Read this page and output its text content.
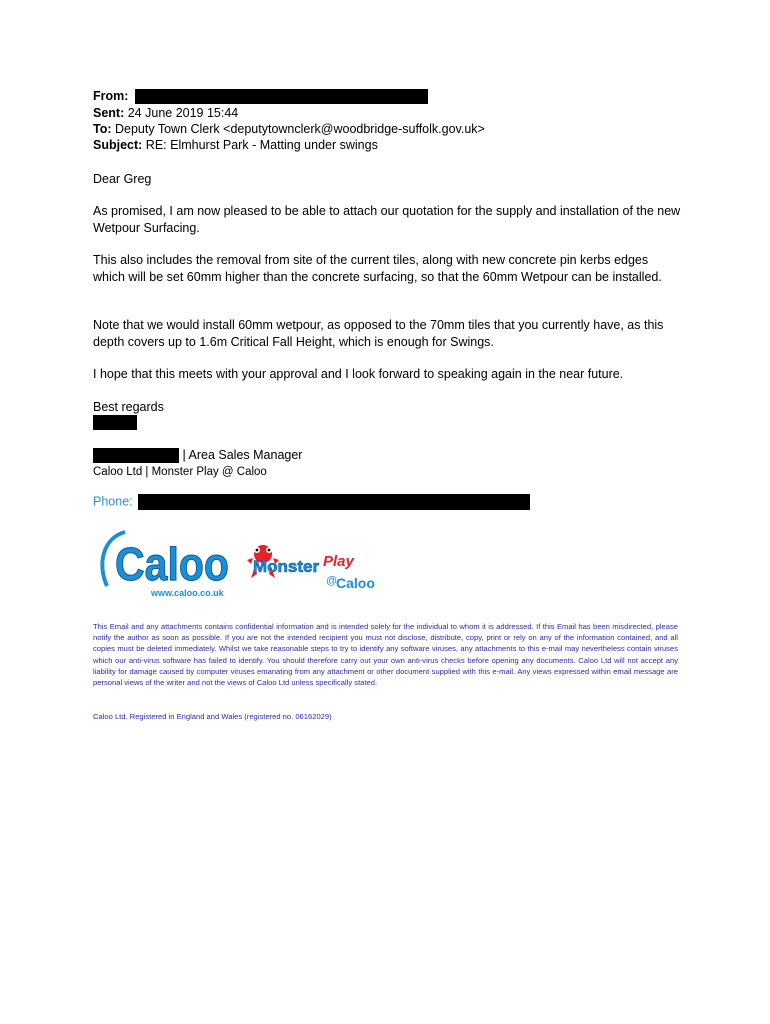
From:
Sent: 24 June 2019 15:44
To: Deputy Town Clerk <deputytownclerk@woodbridge-suffolk.gov.uk>
Subject: RE: Elmhurst Park - Matting under swings
Dear Greg
As promised, I am now pleased to be able to attach our quotation for the supply and installation of the new Wetpour Surfacing.
This also includes the removal from site of the current tiles, along with new concrete pin kerbs edges which will be set 60mm higher than the concrete surfacing, so that the 60mm Wetpour can be installed.
Note that we would install 60mm wetpour, as opposed to the 70mm tiles that you currently have, as this depth covers up to 1.6m Critical Fall Height, which is enough for Swings.
I hope that this meets with your approval and I look forward to speaking again in the near future.
Best regards
| Area Sales Manager
Caloo Ltd | Monster Play @ Caloo
Phone:
Caloo
www.caloo.co.uk
Monster Play
@
Caloo
This Email and any attachments contains confidential information and is intended solely for the individual to whom it is addressed. If this Email has been misdirected, please notify the author as soon as possible. If you are not the intended recipient you must not disclose, distribute, copy, print or rely on any of the information contained, and all copies must be deleted immediately. Whilst we take reasonable steps to try to identify any software viruses, any attachments to this e-mail may nevertheless contain viruses which our anti-virus software has failed to identify. You should therefore carry out your own anti-virus checks before opening any documents. Caloo Ltd will not accept any liability for damage caused by computer viruses emanating from any attachment or other document supplied with this e-mail. Any views expressed within email message are personal views of the writer and not the views of Caloo Ltd unless specifically stated.
Caloo Ltd. Registered in England and Wales (registered no. 06162029)
